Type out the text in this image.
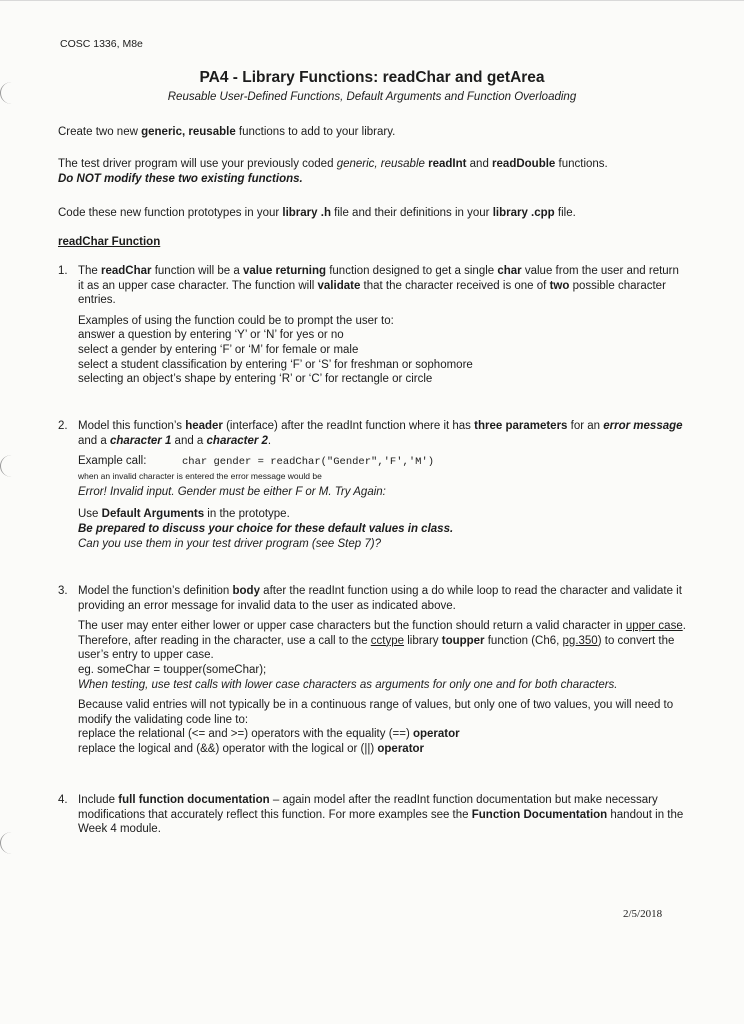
COSC 1336, M8e
PA4 - Library Functions: readChar and getArea
Reusable User-Defined Functions, Default Arguments and Function Overloading

Create two new generic, reusable functions to add to your library.

The test driver program will use your previously coded generic, reusable readInt and readDouble functions.
Do NOT modify these two existing functions.

Code these new function prototypes in your library .h file and their definitions in your library .cpp file.

readChar Function
1. The readChar function will be a value returning function designed to get a single char value from the user and return it as an upper case character. The function will validate that the character received is one of two possible character entries.

Examples of using the function could be to prompt the user to:

answer a question by entering ‘Y’ or ‘N’ for yes or no

select a gender by entering ‘F’ or ‘M’ for female or male

select a student classification by entering ‘F’ or ‘S’ for freshman or sophomore

selecting an object’s shape by entering ‘R’ or ‘C’ for rectangle or circle

2. Model this function’s header (interface) after the readInt function where it has three parameters for an error message and a character 1 and a character 2.

Example call:	char gender = readChar("Gender",'F','M')

when an invalid character is entered the error message would be

Error! Invalid input. Gender must be either F or M. Try Again:

Use Default Arguments in the prototype.

Be prepared to discuss your choice for these default values in class.

Can you use them in your test driver program (see Step 7)?

3. Model the function’s definition body after the readInt function using a do while loop to read the character and validate it providing an error message for invalid data to the user as indicated above.

The user may enter either lower or upper case characters but the function should return a valid character in upper case. Therefore, after reading in the character, use a call to the cctype library toupper function (Ch6, pg.350) to convert the user’s entry to upper case.

eg. someChar = toupper(someChar);

When testing, use test calls with lower case characters as arguments for only one and for both characters.

Because valid entries will not typically be in a continuous range of values, but only one of two values, you will need to modify the validating code line to:

replace the relational (<= and >=) operators with the equality (==) operator

replace the logical and (&&) operator with the logical or (||) operator

4. Include full function documentation – again model after the readInt function documentation but make necessary modifications that accurately reflect this function. For more examples see the Function Documentation handout in the Week 4 module.

2/5/2018
